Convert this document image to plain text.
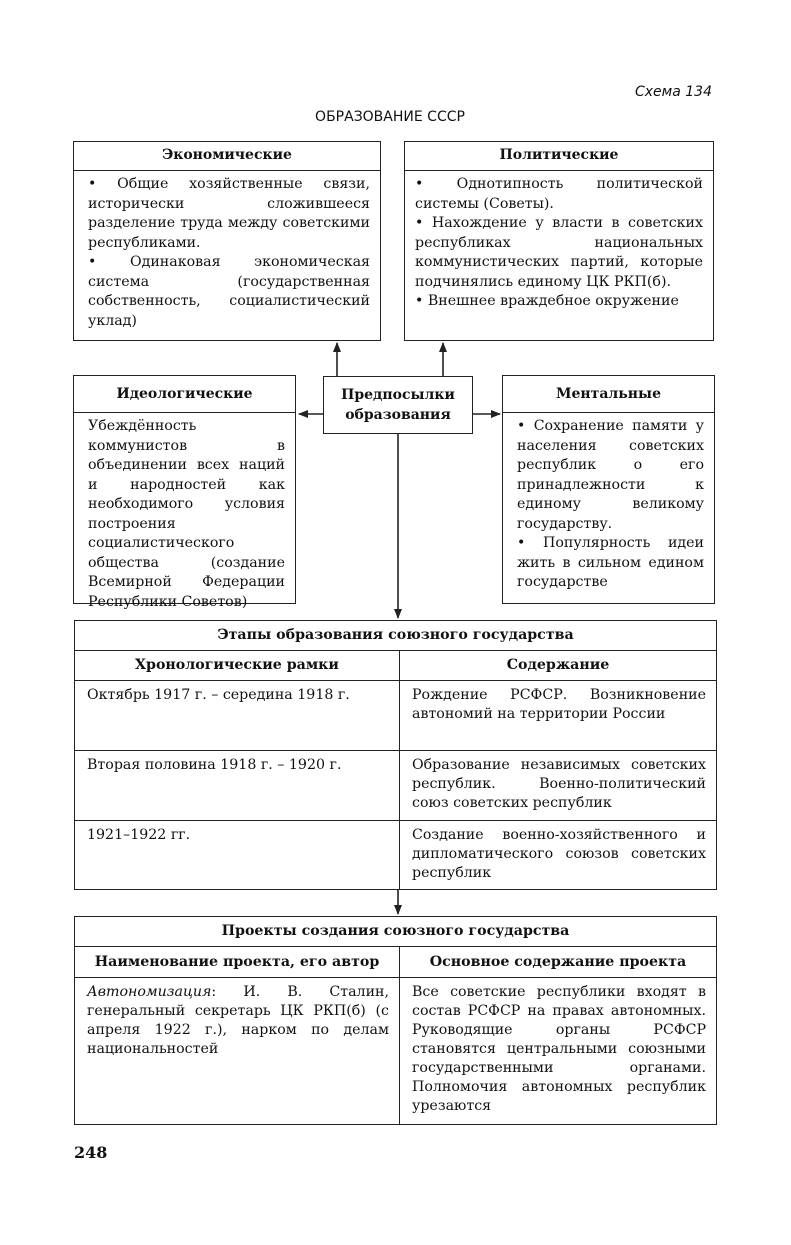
Схема 134
ОБРАЗОВАНИЕ СССР
Экономические
• Общие хозяйственные связи, исторически сложившееся разделение труда между советскими республиками.
• Одинаковая экономическая система (государственная собственность, социалистический уклад)
Политические
• Однотипность политической системы (Советы).
• Нахождение у власти в советских республиках национальных коммунистических партий, которые подчинялись единому ЦК РКП(б).
• Внешнее враждебное окружение
Идеологические
Убеждённость коммунистов в объединении всех наций и народностей как необходимого условия построения социалистического общества (создание Всемирной Федерации Республики Советов)
Предпосылки образования
Ментальные
• Сохранение памяти у населения советских республик о его принадлежности к единому великому государству.
• Популярность идеи жить в сильном едином государстве
Этапы образования союзного государства	
Хронологические рамки	Содержание
Октябрь 1917 г. – середина 1918 г.	Рождение РСФСР. Возникновение автономий на территории России
Вторая половина 1918 г. – 1920 г.	Образование независимых советских республик. Военно-политический союз советских республик
1921–1922 гг.	Создание военно-хозяйственного и дипломатического союзов советских республик
Проекты создания союзного государства	
Наименование проекта, его автор	Основное содержание проекта
Автономизация: И. В. Сталин, генеральный секретарь ЦК РКП(б) (с апреля 1922 г.), нарком по делам национальностей	Все советские республики входят в состав РСФСР на правах автономных. Руководящие органы РСФСР становятся центральными союзными государственными органами. Полномочия автономных республик урезаются
248
